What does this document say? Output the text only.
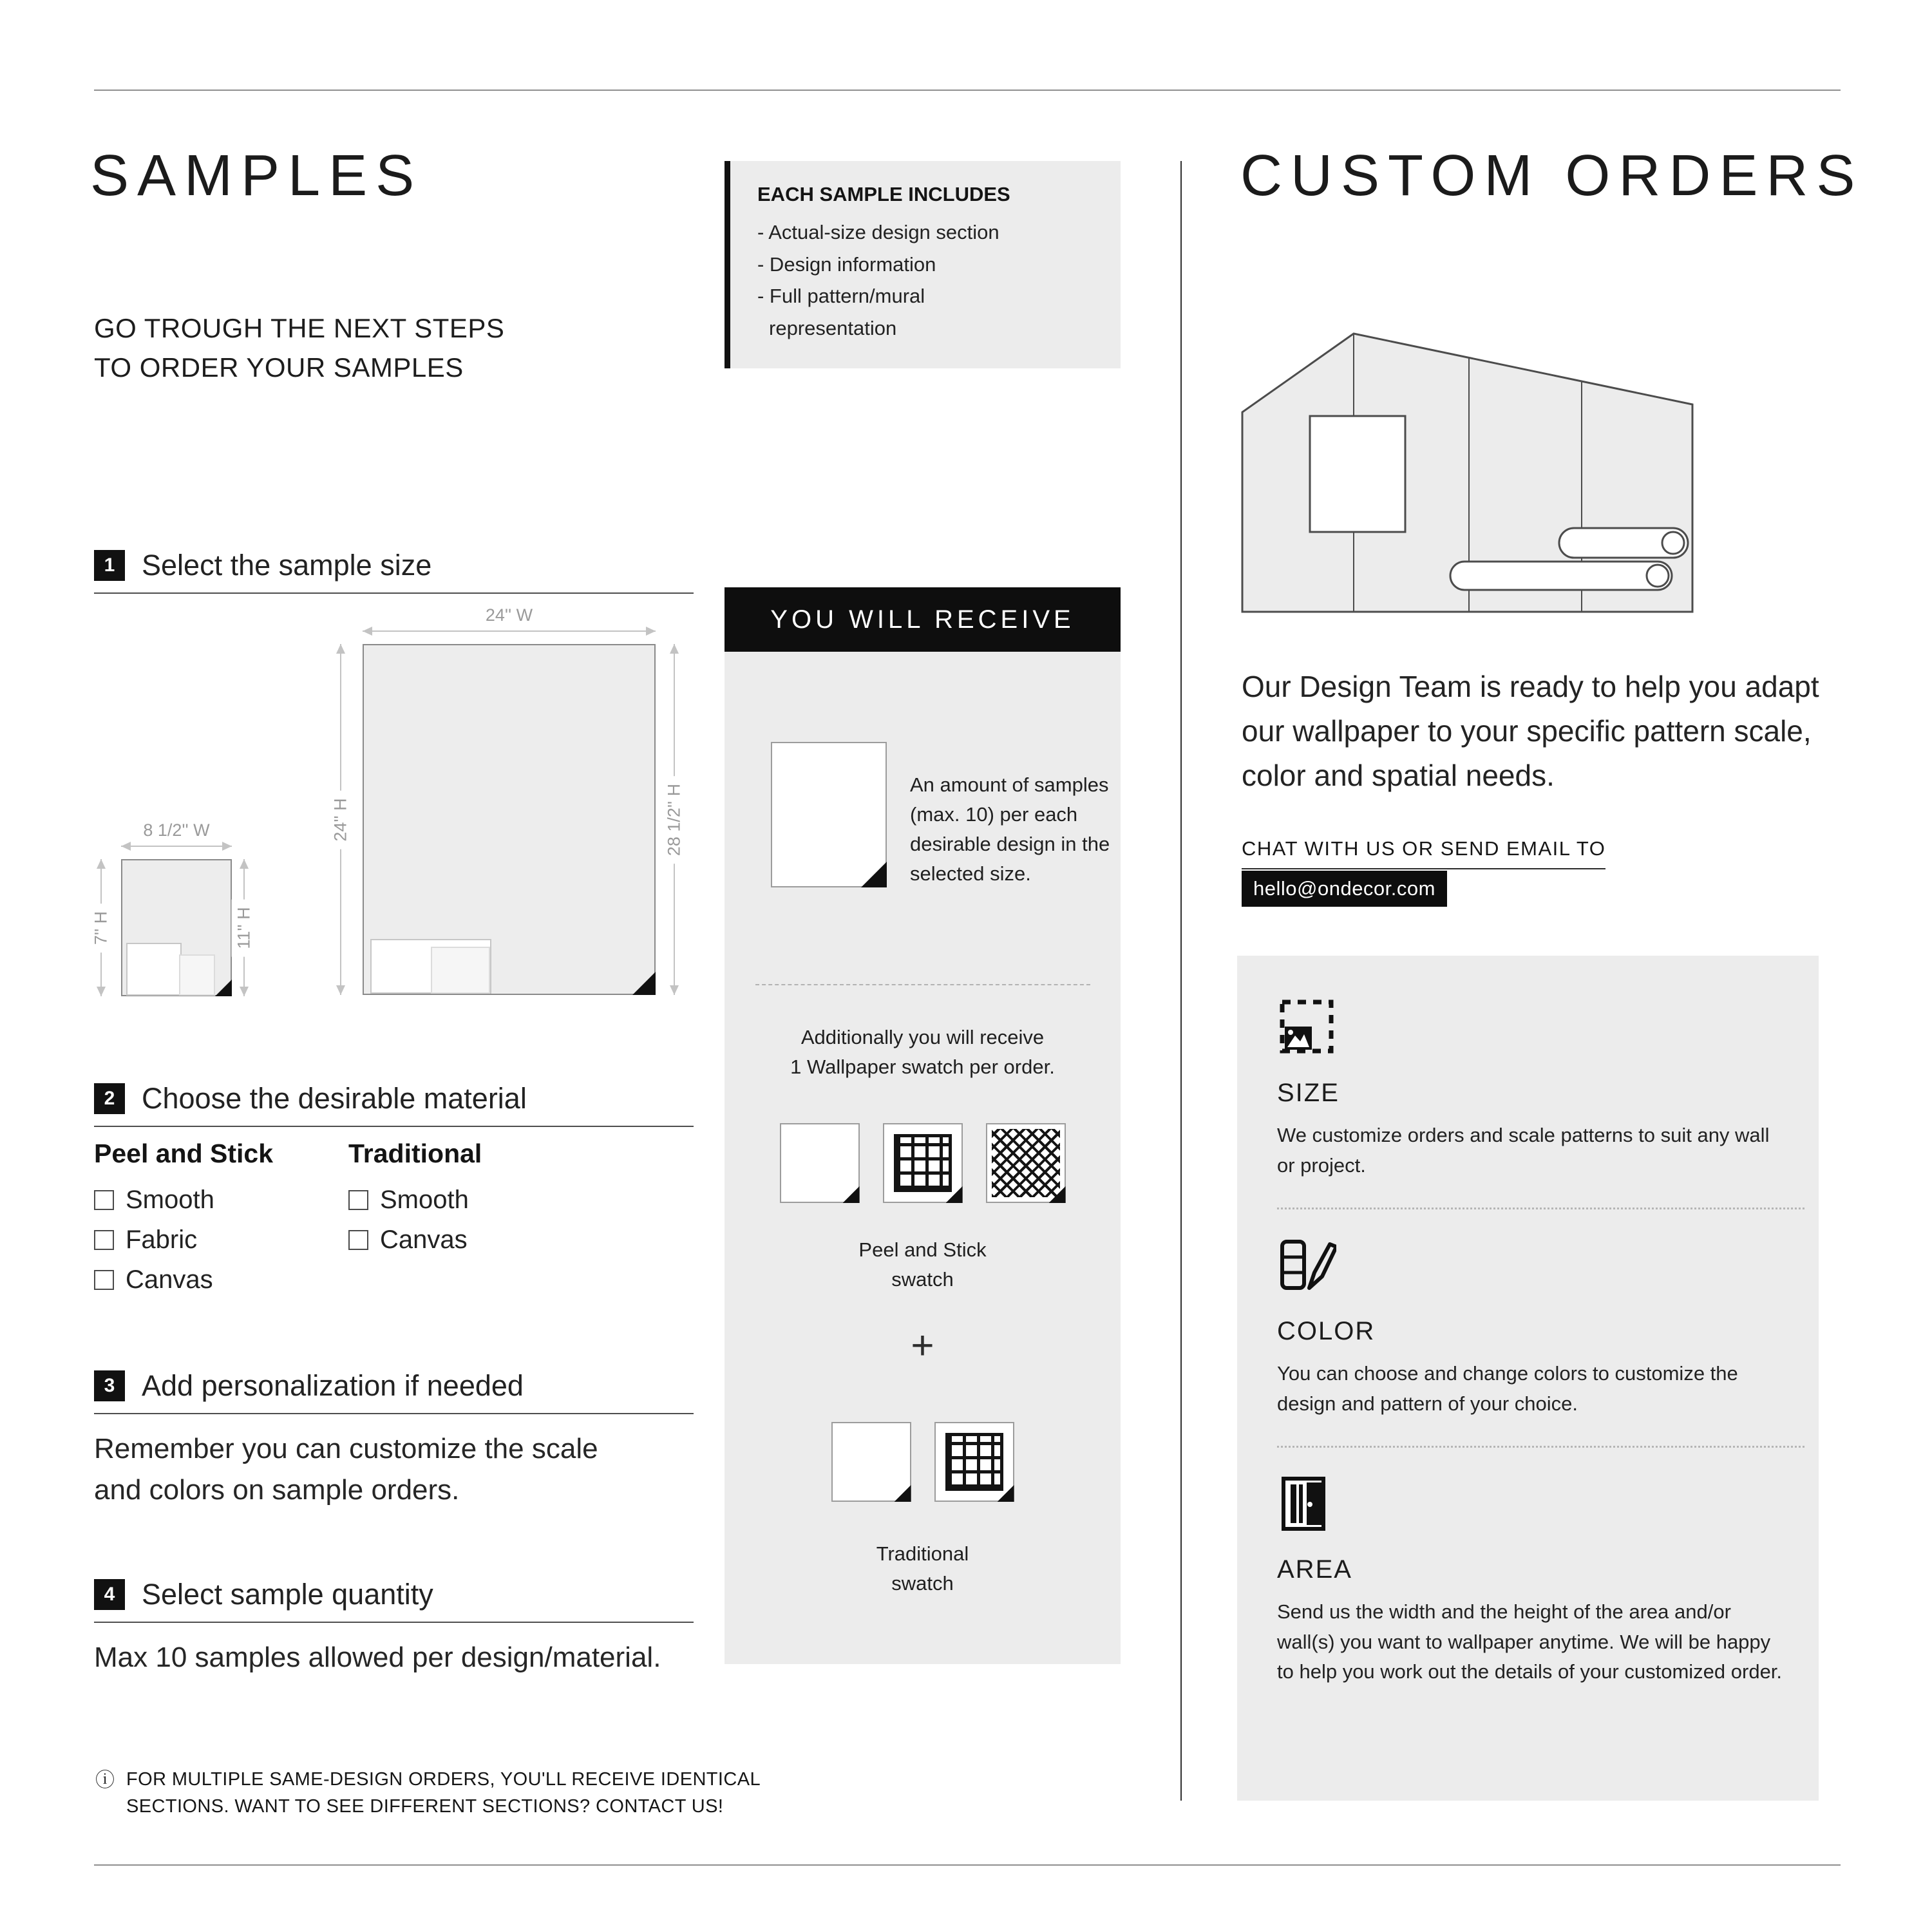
SAMPLES
GO TROUGH THE NEXT STEPS
TO ORDER YOUR SAMPLES
EACH SAMPLE INCLUDES
- Actual-size design section
- Design information
- Full pattern/mural
representation
1 Select the sample size
24'' W
24'' H	28 1/2'' H
8 1/2'' W
7'' H	11'' H
2 Choose the desirable material
Peel and Stick
Smooth
Fabric
Canvas
Traditional
Smooth
Canvas
3 Add personalization if needed
Remember you can customize the scale and colors on sample orders.
4 Select sample quantity
Max 10 samples allowed per design/material.
ⓘ FOR MULTIPLE SAME-DESIGN ORDERS, YOU'LL RECEIVE IDENTICAL
SECTIONS. WANT TO SEE DIFFERENT SECTIONS? CONTACT US!
YOU WILL RECEIVE
An amount of samples (max. 10) per each desirable design in the selected size.
Additionally you will receive
1 Wallpaper swatch per order.
Peel and Stick
swatch
+
Traditional
swatch
CUSTOM ORDERS
Our Design Team is ready to help you adapt our wallpaper to your specific pattern scale, color and spatial needs.
CHAT WITH US OR SEND EMAIL TO
hello@ondecor.com
SIZE
We customize orders and scale patterns to suit any wall or project.
COLOR
You can choose and change colors to customize the design and pattern of your choice.
AREA
Send us the width and the height of the area and/or wall(s) you want to wallpaper anytime. We will be happy to help you work out the details of your customized order.
